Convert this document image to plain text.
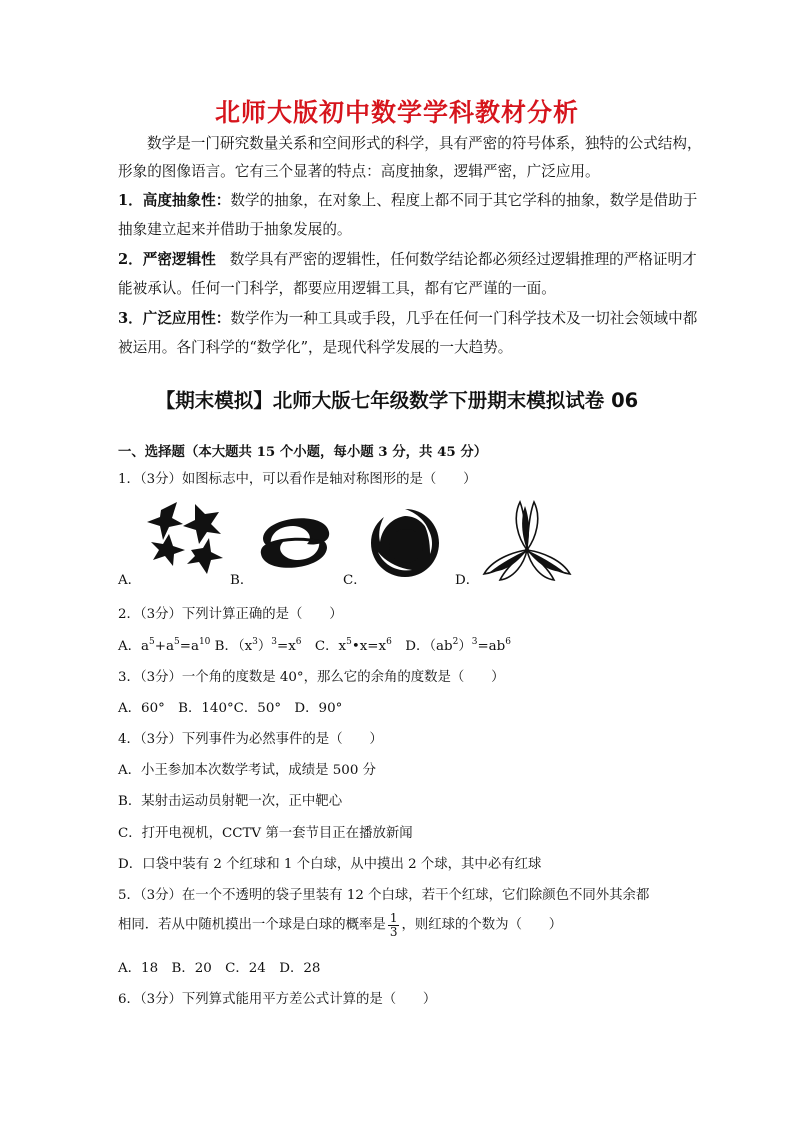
北师大版初中数学学科教材分析
数学是一门研究数量关系和空间形式的科学，具有严密的符号体系，独特的公式结构，
形象的图像语言。它有三个显著的特点：高度抽象，逻辑严密，广泛应用。
1．高度抽象性：数学的抽象，在对象上、程度上都不同于其它学科的抽象，数学是借助于
抽象建立起来并借助于抽象发展的。
2．严密逻辑性 数学具有严密的逻辑性，任何数学结论都必须经过逻辑推理的严格证明才
能被承认。任何一门科学，都要应用逻辑工具，都有它严谨的一面。
3．广泛应用性：数学作为一种工具或手段，几乎在任何一门科学技术及一切社会领域中都
被运用。各门科学的“数学化”，是现代科学发展的一大趋势。
【期末模拟】北师大版七年级数学下册期末模拟试卷 06
一、选择题（本大题共 15 个小题，每小题 3 分，共 45 分）
1．（3分）如图标志中，可以看作是轴对称图形的是（　　）
A．	B．	C．	D．
2．（3分）下列计算正确的是（　　）
A．$a^5+a^5=a^{10}$ B．$(x^3)^3=x^6$　C．$x^5•x=x^6$　D．$(ab^2)^3=ab^6$
3．（3分）一个角的度数是 40°，那么它的余角的度数是（　　）
A．60°　B．140°C．50°　D．90°
4．（3分）下列事件为必然事件的是（　　）
A．小王参加本次数学考试，成绩是 500 分
B．某射击运动员射靶一次，正中靶心
C．打开电视机，CCTV 第一套节目正在播放新闻
D．口袋中装有 2 个红球和 1 个白球，从中摸出 2 个球，其中必有红球
5．（3分）在一个不透明的袋子里装有 12 个白球，若干个红球，它们除颜色不同外其余都
相同．若从中随机摸出一个球是白球的概率是 $\frac{1}{3}$ ，则红球的个数为（　　）
A．18　B．20　C．24　D．28
6．（3分）下列算式能用平方差公式计算的是（　　）
